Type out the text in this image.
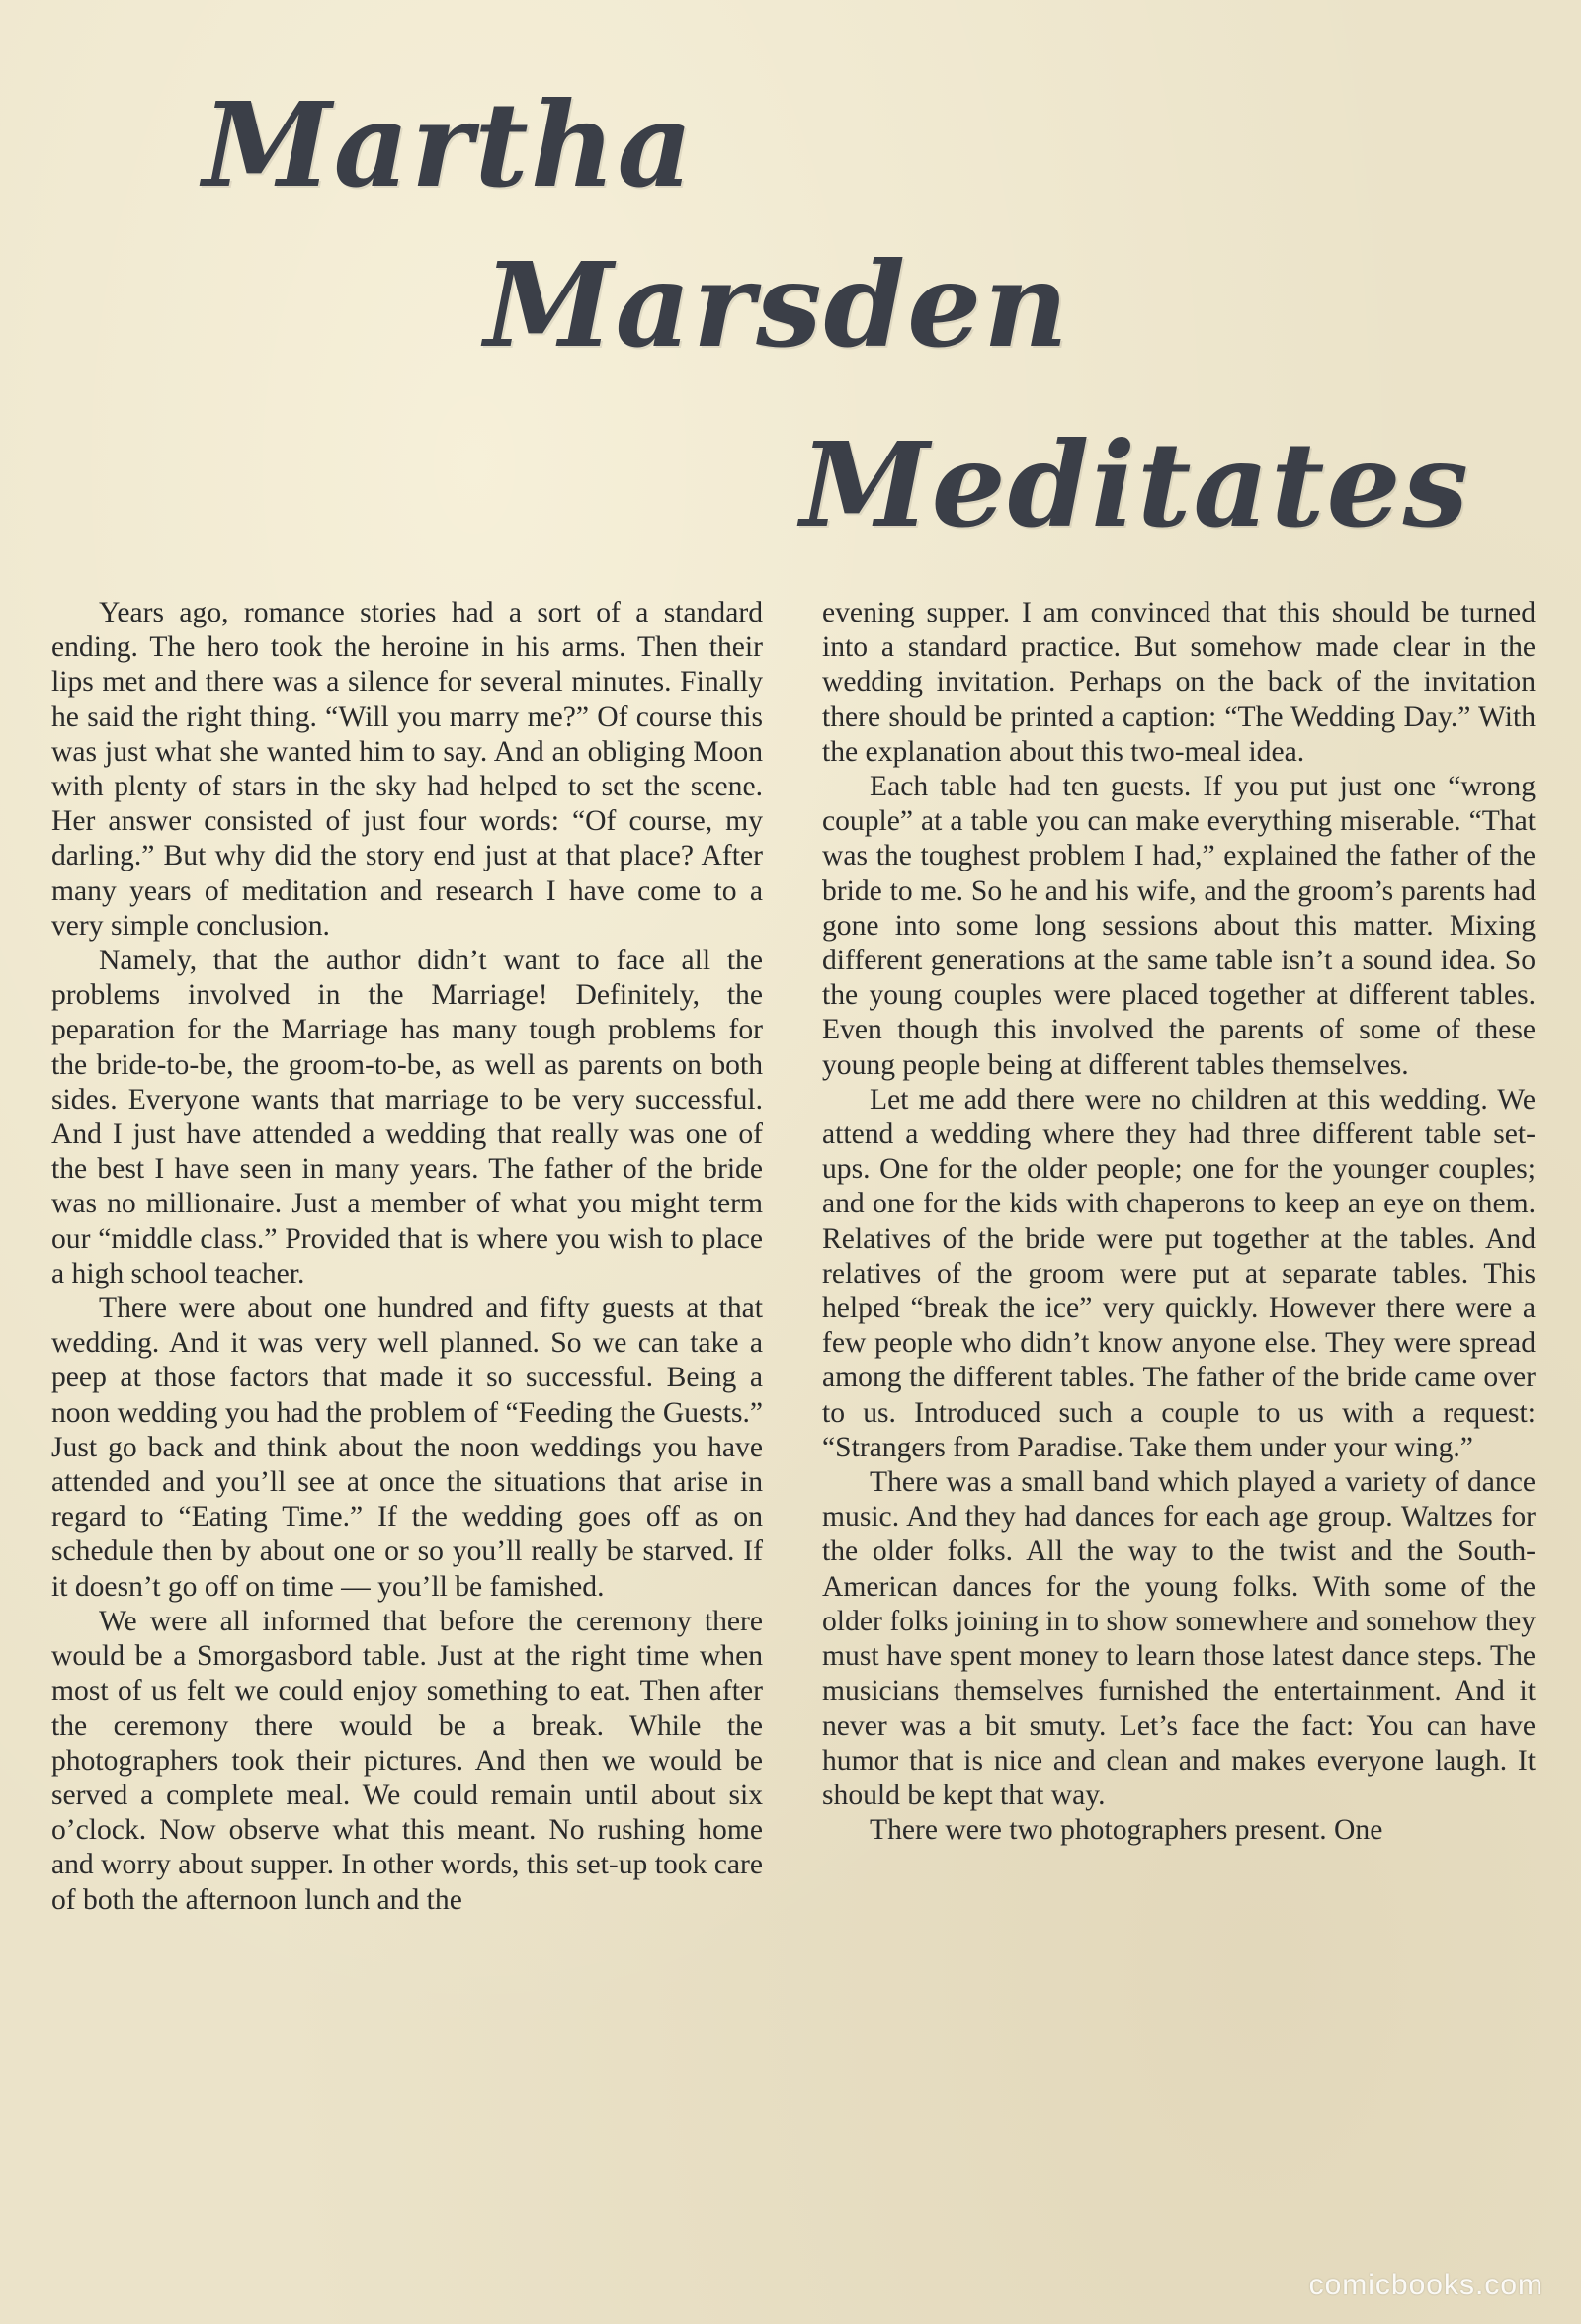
Martha
Marsden
Meditates

Years ago, romance stories had a sort of a standard ending. The hero took the heroine in his arms. Then their lips met and there was a silence for several minutes. Finally he said the right thing. “Will you marry me?” Of course this was just what she wanted him to say. And an obliging Moon with plenty of stars in the sky had helped to set the scene. Her answer consisted of just four words: “Of course, my darling.” But why did the story end just at that place? After many years of meditation and research I have come to a very simple conclusion.

Namely, that the author didn’t want to face all the problems involved in the Marriage! Definitely, the peparation for the Marriage has many tough problems for the bride-to-be, the groom-to-be, as well as parents on both sides. Everyone wants that marriage to be very successful. And I just have attended a wedding that really was one of the best I have seen in many years. The father of the bride was no millionaire. Just a member of what you might term our “middle class.” Provided that is where you wish to place a high school teacher.

There were about one hundred and fifty guests at that wedding. And it was very well planned. So we can take a peep at those factors that made it so successful. Being a noon wedding you had the problem of “Feeding the Guests.” Just go back and think about the noon weddings you have attended and you’ll see at once the situations that arise in regard to “Eating Time.” If the wedding goes off as on schedule then by about one or so you’ll really be starved. If it doesn’t go off on time — you’ll be famished.

We were all informed that before the ceremony there would be a Smorgasbord table. Just at the right time when most of us felt we could enjoy something to eat. Then after the ceremony there would be a break. While the photographers took their pictures. And then we would be served a complete meal. We could remain until about six o’clock. Now observe what this meant. No rushing home and worry about supper. In other words, this set-up took care of both the afternoon lunch and the

evening supper. I am convinced that this should be turned into a standard practice. But somehow made clear in the wedding invitation. Perhaps on the back of the invitation there should be printed a caption: “The Wedding Day.” With the explanation about this two-meal idea.

Each table had ten guests. If you put just one “wrong couple” at a table you can make everything miserable. “That was the toughest problem I had,” explained the father of the bride to me. So he and his wife, and the groom’s parents had gone into some long sessions about this matter. Mixing different generations at the same table isn’t a sound idea. So the young couples were placed together at different tables. Even though this involved the parents of some of these young people being at different tables themselves.

Let me add there were no children at this wedding. We attend a wedding where they had three different table set-ups. One for the older people; one for the younger couples; and one for the kids with chaperons to keep an eye on them. Relatives of the bride were put together at the tables. And relatives of the groom were put at separate tables. This helped “break the ice” very quickly. However there were a few people who didn’t know anyone else. They were spread among the different tables. The father of the bride came over to us. Introduced such a couple to us with a request: “Strangers from Paradise. Take them under your wing.”

There was a small band which played a variety of dance music. And they had dances for each age group. Waltzes for the older folks. All the way to the twist and the South-American dances for the young folks. With some of the older folks joining in to show somewhere and somehow they must have spent money to learn those latest dance steps. The musicians themselves furnished the entertainment. And it never was a bit smuty. Let’s face the fact: You can have humor that is nice and clean and makes everyone laugh. It should be kept that way.

There were two photographers present. One

comicbooks.com
